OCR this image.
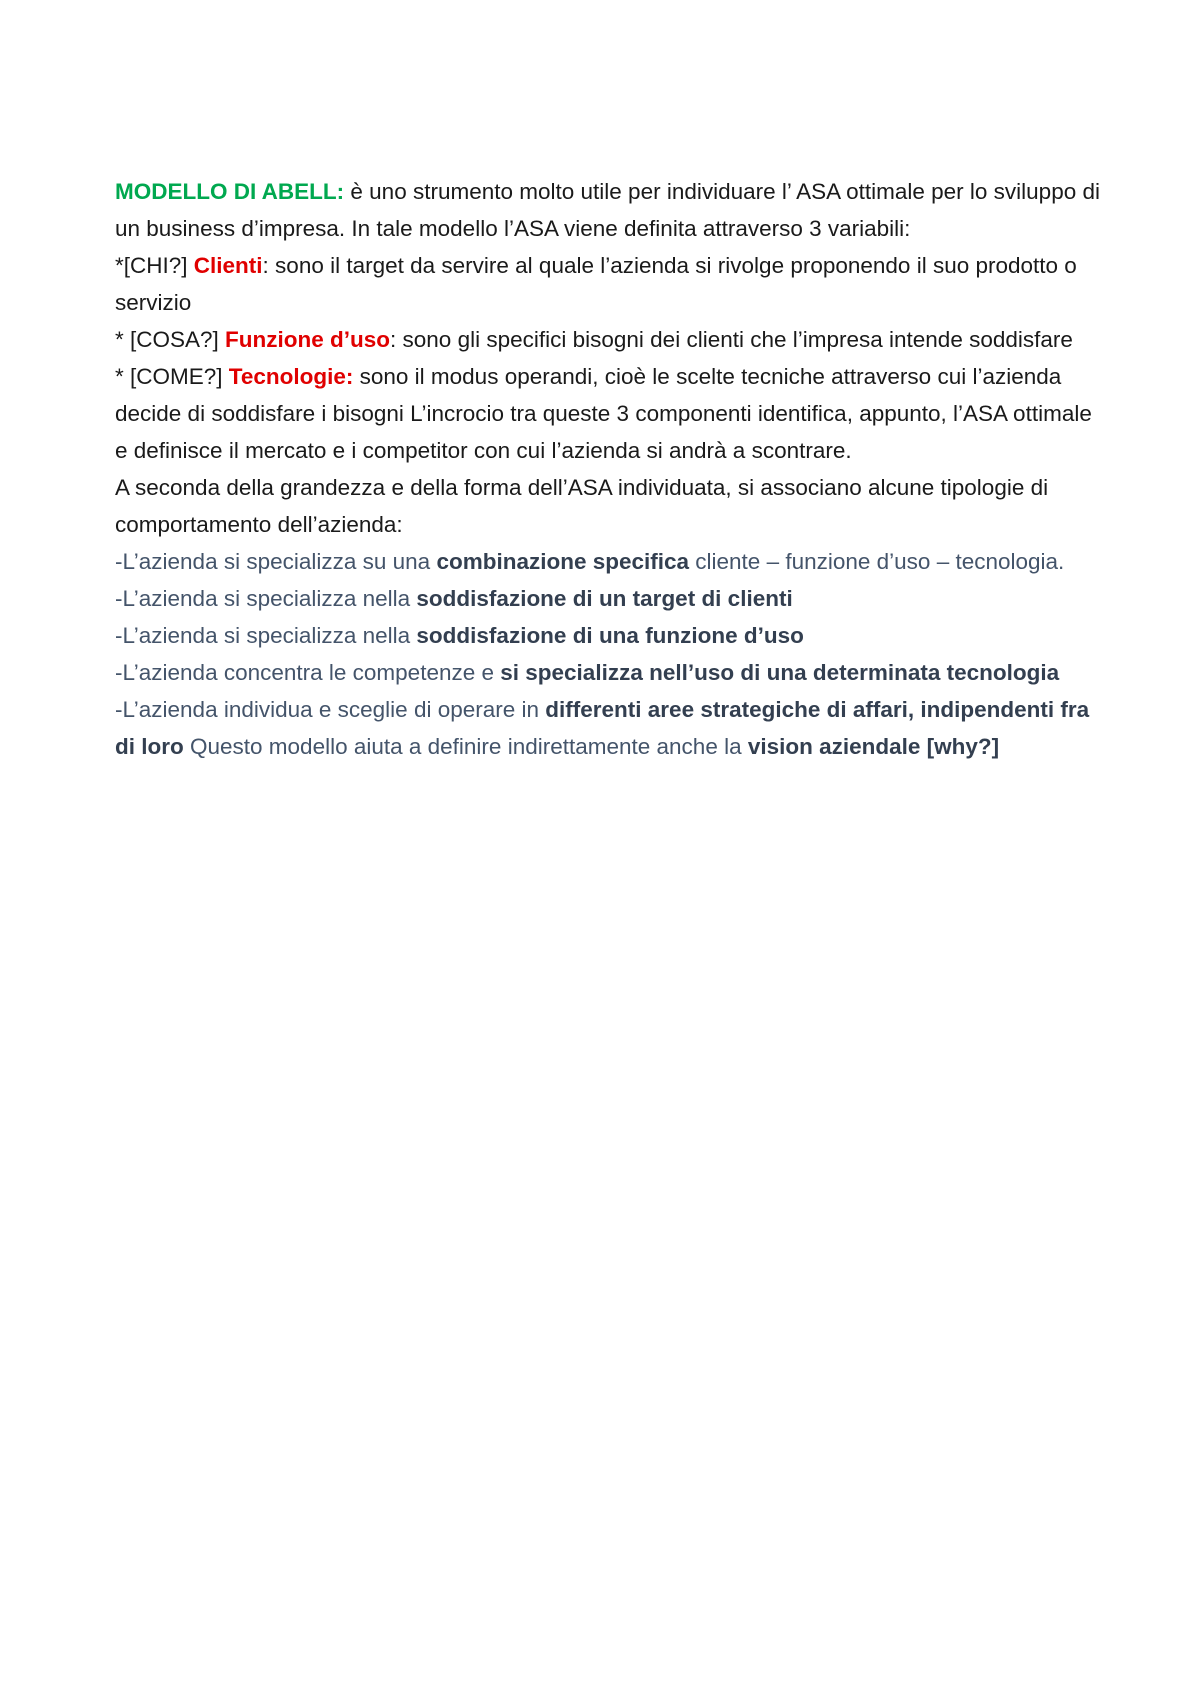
MODELLO DI ABELL: è uno strumento molto utile per individuare l’ ASA ottimale per lo sviluppo di un business d’impresa. In tale modello l’ASA viene definita attraverso 3 variabili:

*[CHI?] Clienti: sono il target da servire al quale l’azienda si rivolge proponendo il suo prodotto o servizio

* [COSA?] Funzione d’uso: sono gli specifici bisogni dei clienti che l’impresa intende soddisfare

* [COME?] Tecnologie: sono il modus operandi, cioè le scelte tecniche attraverso cui l’azienda decide di soddisfare i bisogni L’incrocio tra queste 3 componenti identifica, appunto, l’ASA ottimale e definisce il mercato e i competitor con cui l’azienda si andrà a scontrare.

A seconda della grandezza e della forma dell’ASA individuata, si associano alcune tipologie di comportamento dell’azienda:

-L’azienda si specializza su una combinazione specifica cliente – funzione d’uso – tecnologia.

-L’azienda si specializza nella soddisfazione di un target di clienti

-L’azienda si specializza nella soddisfazione di una funzione d’uso

-L’azienda concentra le competenze e si specializza nell’uso di una determinata tecnologia

-L’azienda individua e sceglie di operare in differenti aree strategiche di affari, indipendenti fra di loro Questo modello aiuta a definire indirettamente anche la vision aziendale [why?]
